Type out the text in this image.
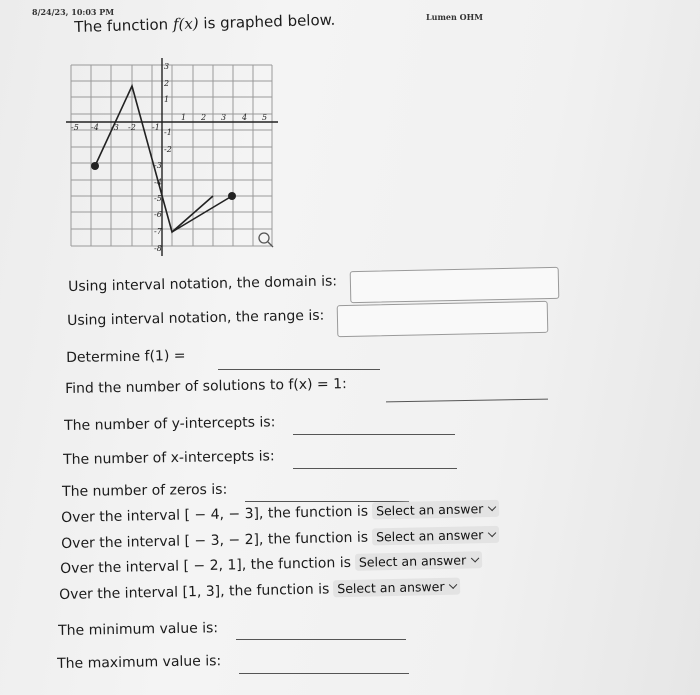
8/24/23, 10:03 PM	Lumen OHM
The function f(x) is graphed below.
-5 -4 -3 -2 -1
1 2 3 4 5
3
2
1
-1
-2
-3
-4
-5
-6
-7
-8
Using interval notation, the domain is:
Using interval notation, the range is:
Determine f(1) =
Find the number of solutions to f(x) = 1:
The number of y-intercepts is:
The number of x-intercepts is:
The number of zeros is:
Over the interval [ − 4, − 3], the function is Select an answer
Over the interval [ − 3, − 2], the function is Select an answer
Over the interval [ − 2, 1], the function is Select an answer
Over the interval [1, 3], the function is Select an answer
The minimum value is:
The maximum value is:
